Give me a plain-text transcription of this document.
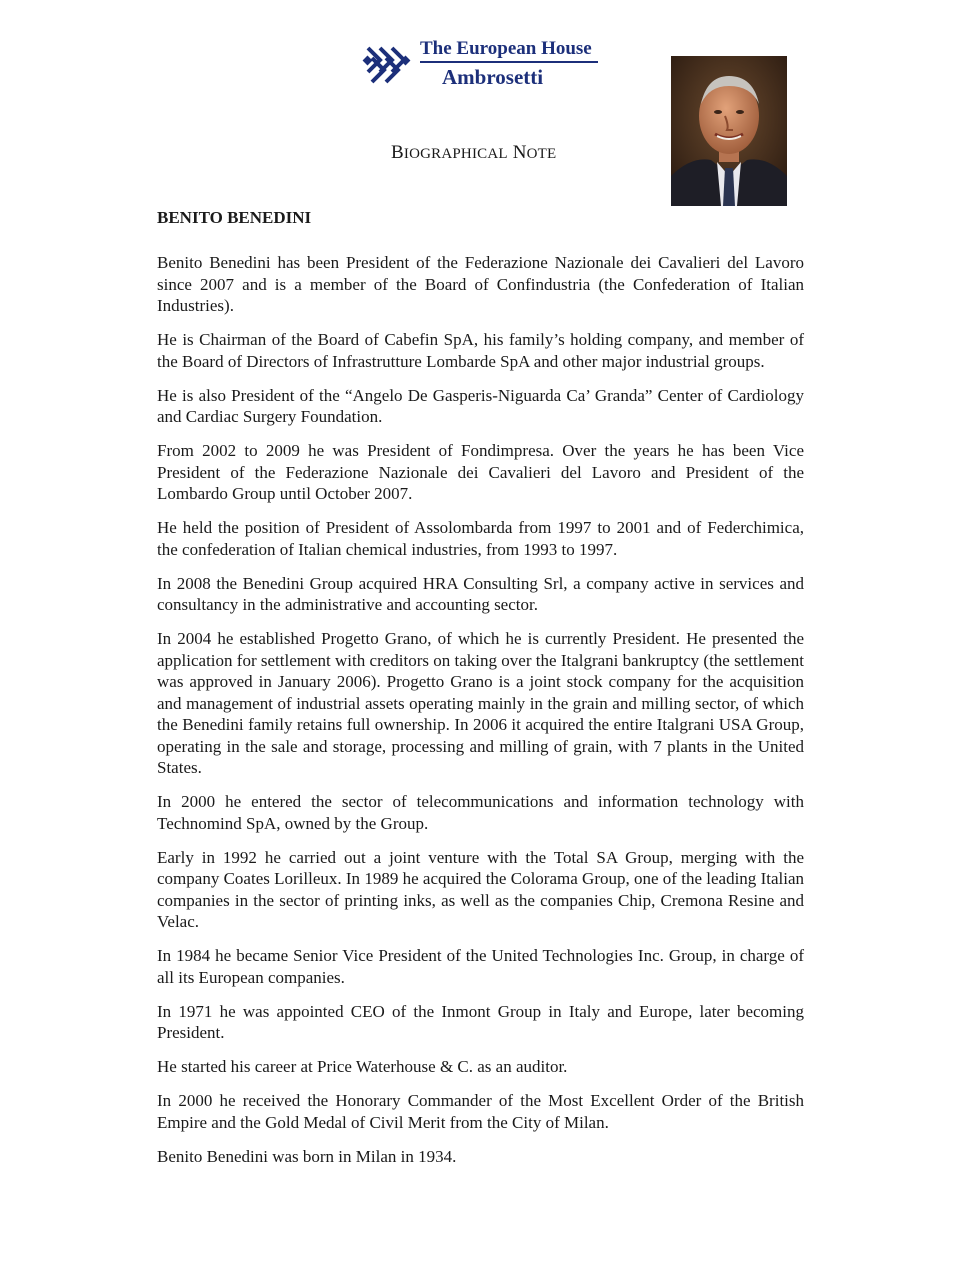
The European House
Ambrosetti
BIOGRAPHICAL NOTE
BENITO BENEDINI

Benito Benedini has been President of the Federazione Nazionale dei Cavalieri del Lavoro since 2007 and is a member of the Board of Confindustria (the Confederation of Italian Industries).

He is Chairman of the Board of Cabefin SpA, his family’s holding company, and member of the Board of Directors of Infrastrutture Lombarde SpA and other major industrial groups.

He is also President of the “Angelo De Gasperis-Niguarda Ca’ Granda” Center of Cardiology and Cardiac Surgery Foundation.

From 2002 to 2009 he was President of Fondimpresa. Over the years he has been Vice President of the Federazione Nazionale dei Cavalieri del Lavoro and President of the Lombardo Group until October 2007.

He held the position of President of Assolombarda from 1997 to 2001 and of Federchimica, the confederation of Italian chemical industries, from 1993 to 1997.

In 2008 the Benedini Group acquired HRA Consulting Srl, a company active in services and consultancy in the administrative and accounting sector.

In 2004 he established Progetto Grano, of which he is currently President. He presented the application for settlement with creditors on taking over the Italgrani bankruptcy (the settlement was approved in January 2006). Progetto Grano is a joint stock company for the acquisition and management of industrial assets operating mainly in the grain and milling sector, of which the Benedini family retains full ownership. In 2006 it acquired the entire Italgrani USA Group, operating in the sale and storage, processing and milling of grain, with 7 plants in the United States.

In 2000 he entered the sector of telecommunications and information technology with Technomind SpA, owned by the Group.

Early in 1992 he carried out a joint venture with the Total SA Group, merging with the company Coates Lorilleux. In 1989 he acquired the Colorama Group, one of the leading Italian companies in the sector of printing inks, as well as the companies Chip, Cremona Resine and Velac.

In 1984 he became Senior Vice President of the United Technologies Inc. Group, in charge of all its European companies.

In 1971 he was appointed CEO of the Inmont Group in Italy and Europe, later becoming President.

He started his career at Price Waterhouse & C. as an auditor.

In 2000 he received the Honorary Commander of the Most Excellent Order of the British Empire and the Gold Medal of Civil Merit from the City of Milan.

Benito Benedini was born in Milan in 1934.
